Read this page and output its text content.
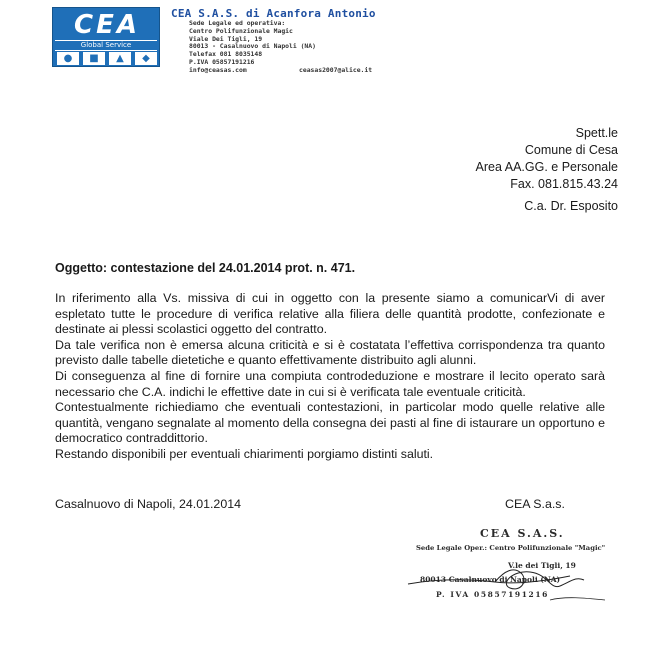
CEA
Global Service
●	■	▲	◆
CEA S.A.S. di Acanfora Antonio
Sede Legale ed operativa:
Centro Polifunzionale Magic
Viale Dei Tigli, 19
80013 - Casalnuovo di Napoli (NA)
Telefax 081 8035148
P.IVA 05857191216
info@ceasas.com	ceasas2007@alice.it
Spett.le
Comune di Cesa
Area AA.GG. e Personale
Fax. 081.815.43.24
C.a. Dr. Esposito
Oggetto: contestazione del 24.01.2014 prot. n. 471.

In riferimento alla Vs. missiva di cui in oggetto con la presente siamo a comunicarVi di aver espletato tutte le procedure di verifica relative alla filiera delle quantità prodotte, confezionate e destinate ai plessi scolastici oggetto del contratto.

Da tale verifica non è emersa alcuna criticità e si è costatata l’effettiva corrispondenza tra quanto previsto dalle tabelle dietetiche e quanto effettivamente distribuito agli alunni.

Di conseguenza al fine di fornire una compiuta controdeduzione e mostrare il lecito operato sarà necessario che C.A. indichi le effettive date in cui si è verificata tale eventuale criticità.

Contestualmente richiediamo che eventuali contestazioni, in particolar modo quelle relative alle quantità, vengano segnalate al momento della consegna dei pasti al fine di istaurare un opportuno e democratico contraddittorio.

Restando disponibili per eventuali chiarimenti porgiamo distinti saluti.

Casalnuovo di Napoli, 24.01.2014	CEA S.a.s.
CEA S.A.S.
Sede Legale Oper.: Centro Polifunzionale "Magic"
V.le dei Tigli, 19
80013 Casalnuovo di Napoli (NA)
P. IVA 05857191216
